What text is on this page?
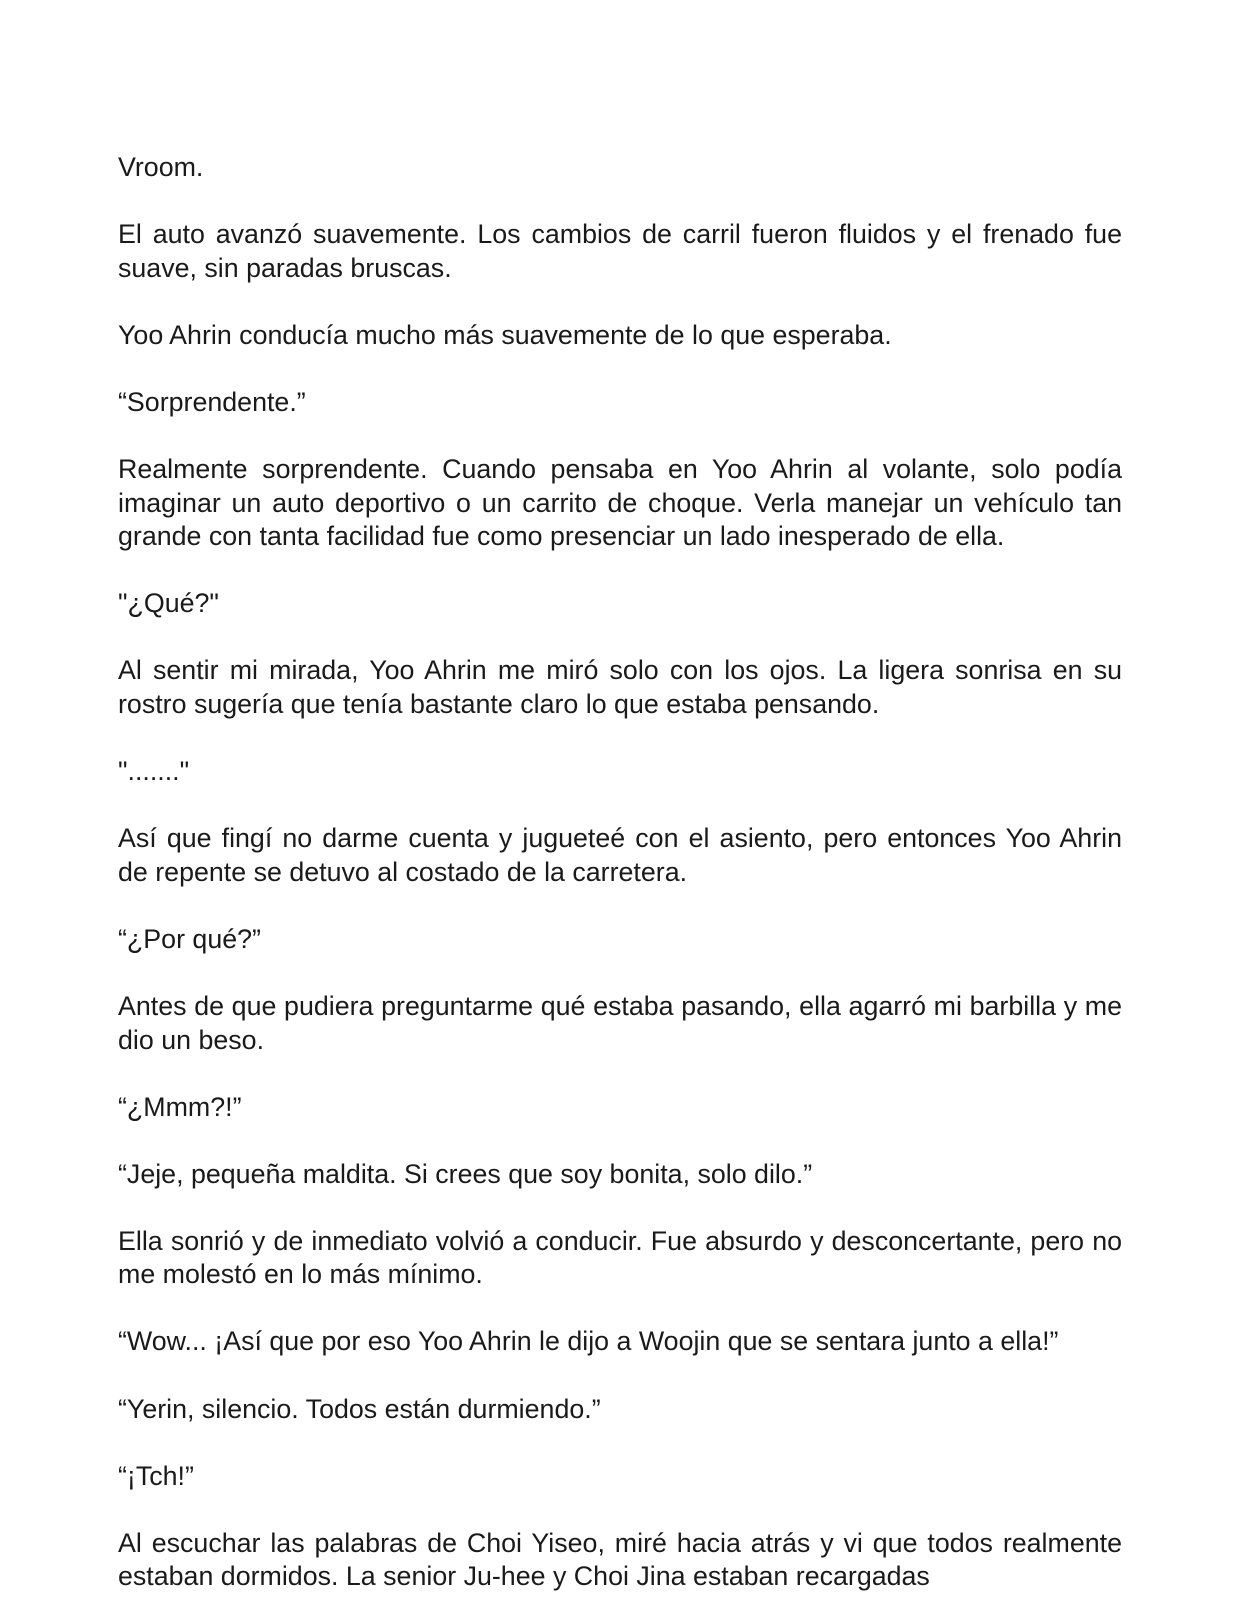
Vroom.

El auto avanzó suavemente. Los cambios de carril fueron fluidos y el frenado fue suave, sin paradas bruscas.

Yoo Ahrin conducía mucho más suavemente de lo que esperaba.

“Sorprendente.”

Realmente sorprendente. Cuando pensaba en Yoo Ahrin al volante, solo podía imaginar un auto deportivo o un carrito de choque. Verla manejar un vehículo tan grande con tanta facilidad fue como presenciar un lado inesperado de ella.

"¿Qué?"

Al sentir mi mirada, Yoo Ahrin me miró solo con los ojos. La ligera sonrisa en su rostro sugería que tenía bastante claro lo que estaba pensando.

"......."

Así que fingí no darme cuenta y jugueteé con el asiento, pero entonces Yoo Ahrin de repente se detuvo al costado de la carretera.

“¿Por qué?”

Antes de que pudiera preguntarme qué estaba pasando, ella agarró mi barbilla y me dio un beso.

“¿Mmm?!”

“Jeje, pequeña maldita. Si crees que soy bonita, solo dilo.”

Ella sonrió y de inmediato volvió a conducir. Fue absurdo y desconcertante, pero no me molestó en lo más mínimo.

“Wow... ¡Así que por eso Yoo Ahrin le dijo a Woojin que se sentara junto a ella!”

“Yerin, silencio. Todos están durmiendo.”

“¡Tch!”

Al escuchar las palabras de Choi Yiseo, miré hacia atrás y vi que todos realmente estaban dormidos. La senior Ju-hee y Choi Jina estaban recargadas
